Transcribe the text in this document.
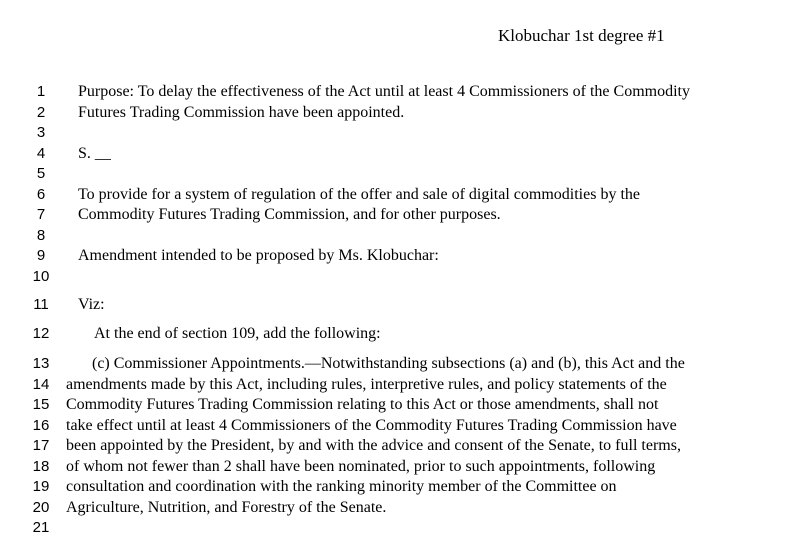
Klobuchar 1st degree #1
1	Purpose: To delay the effectiveness of the Act until at least 4 Commissioners of the Commodity
2	Futures Trading Commission have been appointed.
3
4	S. __
5
6	To provide for a system of regulation of the offer and sale of digital commodities by the
7	Commodity Futures Trading Commission, and for other purposes.
8
9	Amendment intended to be proposed by Ms. Klobuchar:
10
11	Viz:
12	At the end of section 109, add the following:
13	(c) Commissioner Appointments.—Notwithstanding subsections (a) and (b), this Act and the
14	amendments made by this Act, including rules, interpretive rules, and policy statements of the
15	Commodity Futures Trading Commission relating to this Act or those amendments, shall not
16	take effect until at least 4 Commissioners of the Commodity Futures Trading Commission have
17	been appointed by the President, by and with the advice and consent of the Senate, to full terms,
18	of whom not fewer than 2 shall have been nominated, prior to such appointments, following
19	consultation and coordination with the ranking minority member of the Committee on
20	Agriculture, Nutrition, and Forestry of the Senate.
21
